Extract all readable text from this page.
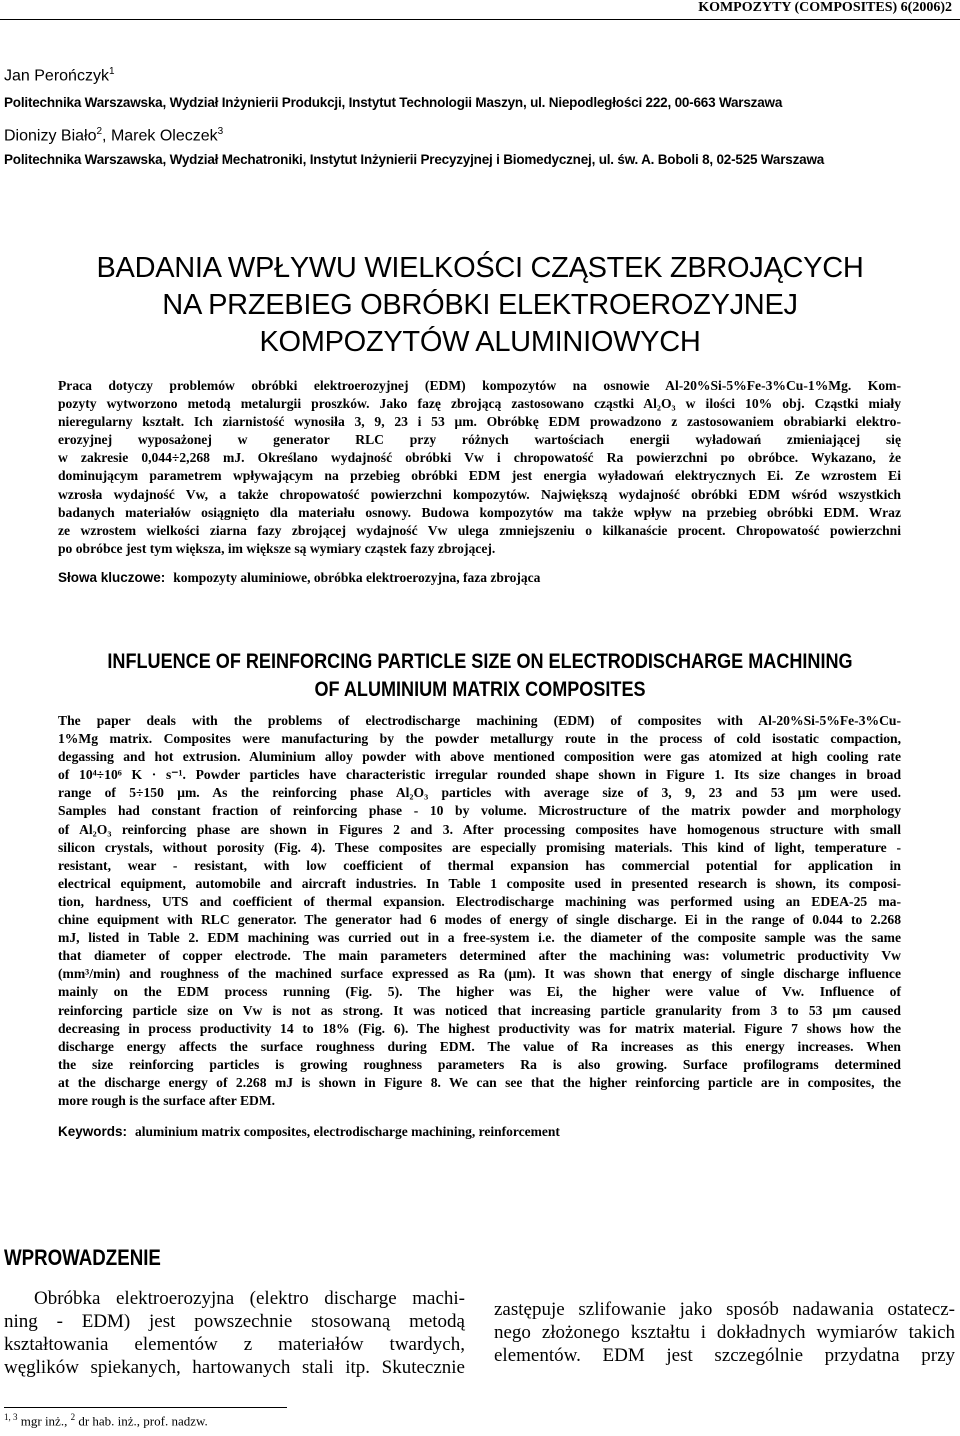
KOMPOZYTY (COMPOSITES) 6(2006)2
Jan Perończyk$^1$
Politechnika Warszawska, Wydział Inżynierii Produkcji, Instytut Technologii Maszyn, ul. Niepodległości 222, 00-663 Warszawa
Dionizy Biało$^2$, Marek Oleczek$^3$
Politechnika Warszawska, Wydział Mechatroniki, Instytut Inżynierii Precyzyjnej i Biomedycznej, ul. św. A. Boboli 8, 02-525 Warszawa
BADANIA WPŁYWU WIELKOŚCI CZĄSTEK ZBROJĄCYCH
NA PRZEBIEG OBRÓBKI ELEKTROEROZYJNEJ
KOMPOZYTÓW ALUMINIOWYCH
Praca dotyczy problemów obróbki elektroerozyjnej (EDM) kompozytów na osnowie Al-20%Si-5%Fe-3%Cu-1%Mg. Kom-
pozyty wytworzono metodą metalurgii proszków. Jako fazę zbrojącą zastosowano cząstki Al₂O₃ w ilości 10% obj. Cząstki miały
nieregularny kształt. Ich ziarnistość wynosiła 3, 9, 23 i 53 μm. Obróbkę EDM prowadzono z zastosowaniem obrabiarki elektro-
erozyjnej wyposażonej w generator RLC przy różnych wartościach energii wyładowań zmieniającej się
w zakresie 0,044÷2,268 mJ. Określano wydajność obróbki Vw i chropowatość Ra powierzchni po obróbce. Wykazano, że
dominującym parametrem wpływającym na przebieg obróbki EDM jest energia wyładowań elektrycznych Ei. Ze wzrostem Ei
wzrosła wydajność Vw, a także chropowatość powierzchni kompozytów. Największą wydajność obróbki EDM wśród wszystkich
badanych materiałów osiągnięto dla materiału osnowy. Budowa kompozytów ma także wpływ na przebieg obróbki EDM. Wraz
ze wzrostem wielkości ziarna fazy zbrojącej wydajność Vw ulega zmniejszeniu o kilkanaście procent. Chropowatość powierzchni
po obróbce jest tym większa, im większe są wymiary cząstek fazy zbrojącej.
Słowa kluczowe: kompozyty aluminiowe, obróbka elektroerozyjna, faza zbrojąca
INFLUENCE OF REINFORCING PARTICLE SIZE ON ELECTRODISCHARGE MACHINING
OF ALUMINIUM MATRIX COMPOSITES
The paper deals with the problems of electrodischarge machining (EDM) of composites with Al-20%Si-5%Fe-3%Cu-
1%Mg matrix. Composites were manufacturing by the powder metallurgy route in the process of cold isostatic compaction,
degassing and hot extrusion. Aluminium alloy powder with above mentioned composition were gas atomized at high cooling rate
of 10⁴÷10⁶ K · s⁻¹. Powder particles have characteristic irregular rounded shape shown in Figure 1. Its size changes in broad
range of 5÷150 μm. As the reinforcing phase Al₂O₃ particles with average size of 3, 9, 23 and 53 μm were used.
Samples had constant fraction of reinforcing phase - 10 by volume. Microstructure of the matrix powder and morphology
of Al₂O₃ reinforcing phase are shown in Figures 2 and 3. After processing composites have homogenous structure with small
silicon crystals, without porosity (Fig. 4). These composites are especially promising materials. This kind of light, temperature -
resistant, wear - resistant, with low coefficient of thermal expansion has commercial potential for application in
electrical equipment, automobile and aircraft industries. In Table 1 composite used in presented research is shown, its composi-
tion, hardness, UTS and coefficient of thermal expansion. Electrodischarge machining was performed using an EDEA-25 ma-
chine equipment with RLC generator. The generator had 6 modes of energy of single discharge. Ei in the range of 0.044 to 2.268
mJ, listed in Table 2. EDM machining was curried out in a free-system i.e. the diameter of the composite sample was the same
that diameter of copper electrode. The main parameters determined after the machining was: volumetric productivity Vw
(mm³/min) and roughness of the machined surface expressed as Ra (μm). It was shown that energy of single discharge influence
mainly on the EDM process running (Fig. 5). The higher was Ei, the higher were value of Vw. Influence of
reinforcing particle size on Vw is not as strong. It was noticed that increasing particle granularity from 3 to 53 μm caused
decreasing in process productivity 14 to 18% (Fig. 6). The highest productivity was for matrix material. Figure 7 shows how the
discharge energy affects the surface roughness during EDM. The value of Ra increases as this energy increases. When
the size reinforcing particles is growing roughness parameters Ra is also growing. Surface profilograms determined
at the discharge energy of 2.268 mJ is shown in Figure 8. We can see that the higher reinforcing particle are in composites, the
more rough is the surface after EDM.
Keywords: aluminium matrix composites, electrodischarge machining, reinforcement
WPROWADZENIE
Obróbka elektroerozyjna (elektro discharge machi-
ning - EDM) jest powszechnie stosowaną metodą
kształtowania elementów z materiałów twardych,
węglików spiekanych, hartowanych stali itp. Skutecznie
zastępuje szlifowanie jako sposób nadawania ostatecz-
nego złożonego kształtu i dokładnych wymiarów takich
elementów. EDM jest szczególnie przydatna przy
$^{1, 3}$ mgr inż., $^2$ dr hab. inż., prof. nadzw.
